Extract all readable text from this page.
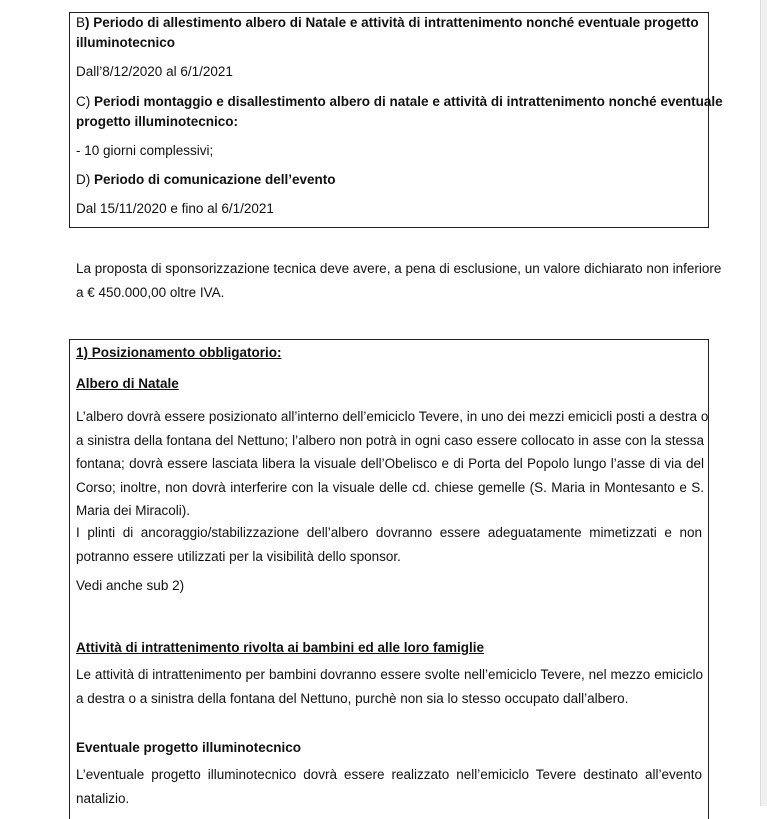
B) Periodo di allestimento albero di Natale e attività di intrattenimento nonché eventuale progetto
illuminotecnico
Dall’8/12/2020 al 6/1/2021
C) Periodi montaggio e disallestimento albero di natale e attività di intrattenimento nonché eventuale
progetto illuminotecnico:
- 10 giorni complessivi;
D) Periodo di comunicazione dell’evento
Dal 15/11/2020 e fino al 6/1/2021
La proposta di sponsorizzazione tecnica deve avere, a pena di esclusione, un valore dichiarato non inferiore
a € 450.000,00 oltre IVA.
1) Posizionamento obbligatorio:
Albero di Natale
L’albero dovrà essere posizionato all’interno dell’emiciclo Tevere, in uno dei mezzi emicicli posti a destra o
a sinistra della fontana del Nettuno; l’albero non potrà in ogni caso essere collocato in asse con la stessa
fontana; dovrà essere lasciata libera la visuale dell’Obelisco e di Porta del Popolo lungo l’asse di via del
Corso; inoltre, non dovrà interferire con la visuale delle cd. chiese gemelle (S. Maria in Montesanto e S.
Maria dei Miracoli).
I plinti di ancoraggio/stabilizzazione dell’albero dovranno essere adeguatamente mimetizzati e non
potranno essere utilizzati per la visibilità dello sponsor.
Vedi anche sub 2)
Attività di intrattenimento rivolta ai bambini ed alle loro famiglie
Le attività di intrattenimento per bambini dovranno essere svolte nell’emiciclo Tevere, nel mezzo emiciclo
a destra o a sinistra della fontana del Nettuno, purchè non sia lo stesso occupato dall’albero.
Eventuale progetto illuminotecnico
L’eventuale progetto illuminotecnico dovrà essere realizzato nell’emiciclo Tevere destinato all’evento
natalizio.
